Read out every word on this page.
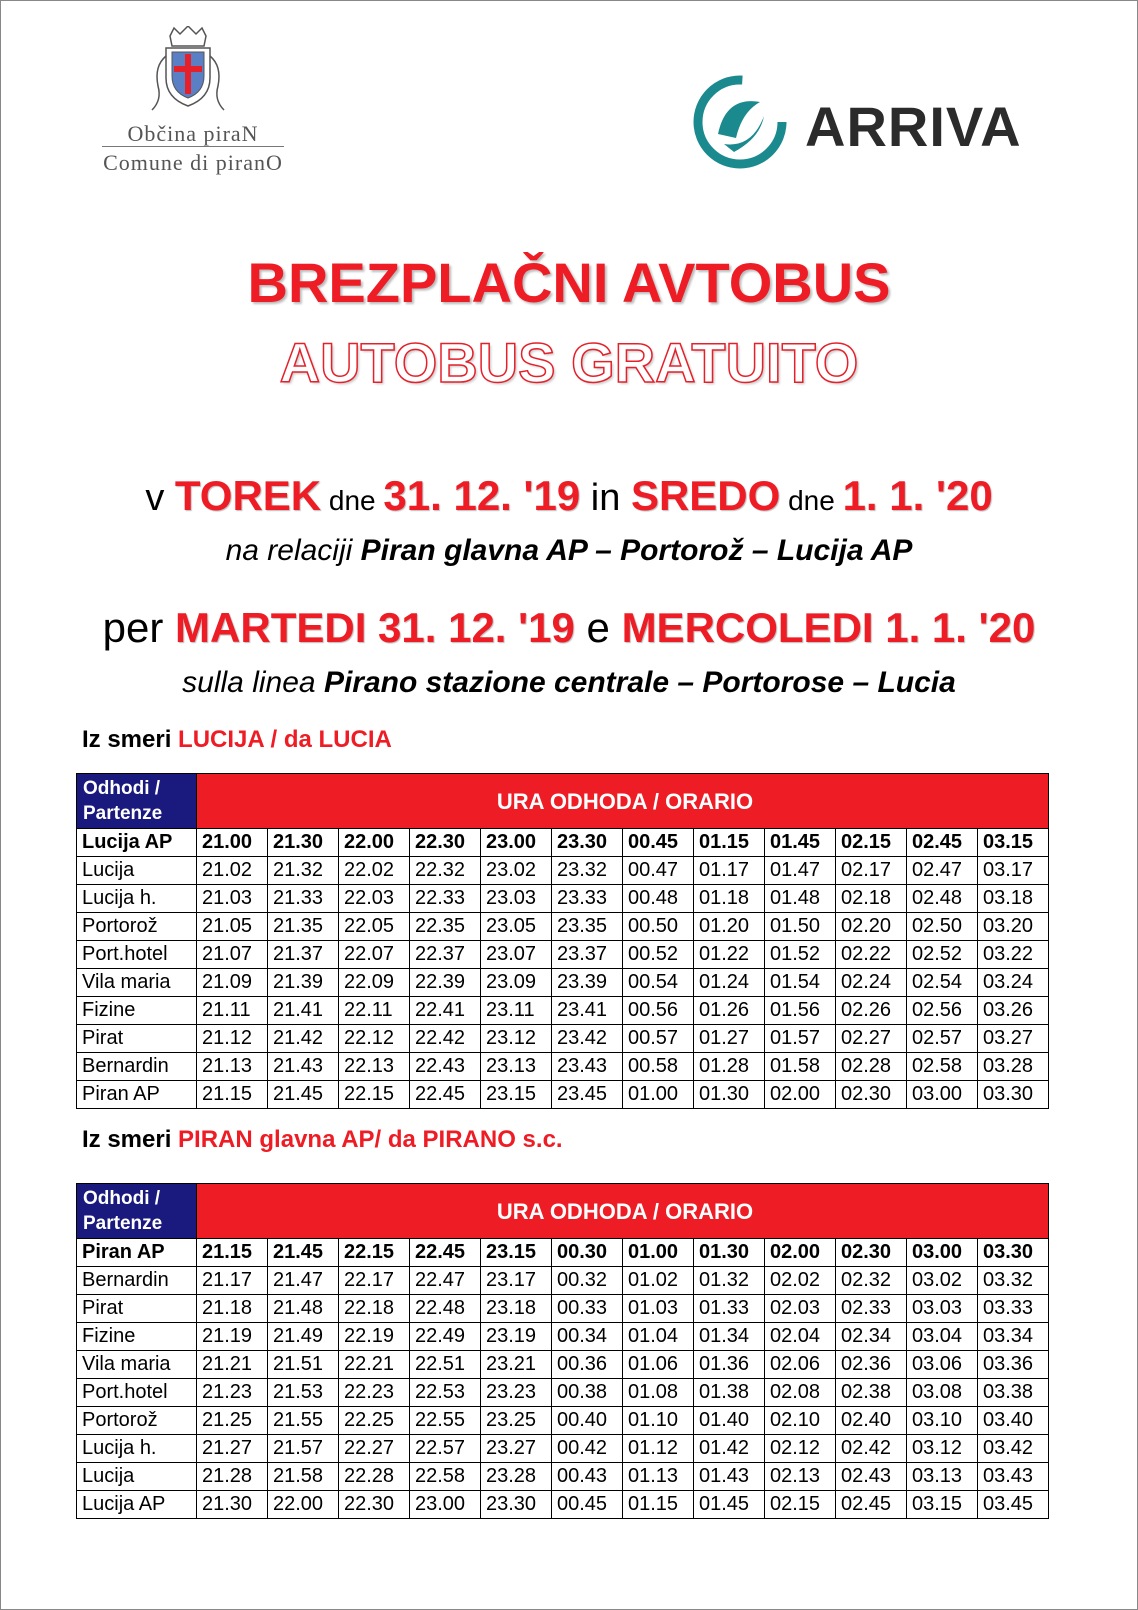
Občina piraN
Comune di piranO
ARRIVA
BREZPLAČNI AVTOBUS
AUTOBUS GRATUITO
v TOREK dne 31. 12. '19 in SREDO dne 1. 1. '20
na relaciji Piran glavna AP – Portorož – Lucija AP
per MARTEDI 31. 12. '19 e MERCOLEDI 1. 1. '20
sulla linea Pirano stazione centrale – Portorose – Lucia
Iz smeri LUCIJA / da LUCIA
Odhodi / Partenze	URA ODHODA / ORARIO											
Lucija AP	21.00	21.30	22.00	22.30	23.00	23.30	00.45	01.15	01.45	02.15	02.45	03.15
Lucija	21.02	21.32	22.02	22.32	23.02	23.32	00.47	01.17	01.47	02.17	02.47	03.17
Lucija h.	21.03	21.33	22.03	22.33	23.03	23.33	00.48	01.18	01.48	02.18	02.48	03.18
Portorož	21.05	21.35	22.05	22.35	23.05	23.35	00.50	01.20	01.50	02.20	02.50	03.20
Port.hotel	21.07	21.37	22.07	22.37	23.07	23.37	00.52	01.22	01.52	02.22	02.52	03.22
Vila maria	21.09	21.39	22.09	22.39	23.09	23.39	00.54	01.24	01.54	02.24	02.54	03.24
Fizine	21.11	21.41	22.11	22.41	23.11	23.41	00.56	01.26	01.56	02.26	02.56	03.26
Pirat	21.12	21.42	22.12	22.42	23.12	23.42	00.57	01.27	01.57	02.27	02.57	03.27
Bernardin	21.13	21.43	22.13	22.43	23.13	23.43	00.58	01.28	01.58	02.28	02.58	03.28
Piran AP	21.15	21.45	22.15	22.45	23.15	23.45	01.00	01.30	02.00	02.30	03.00	03.30
Iz smeri PIRAN glavna AP/ da PIRANO s.c.
Odhodi / Partenze	URA ODHODA / ORARIO											
Piran AP	21.15	21.45	22.15	22.45	23.15	00.30	01.00	01.30	02.00	02.30	03.00	03.30
Bernardin	21.17	21.47	22.17	22.47	23.17	00.32	01.02	01.32	02.02	02.32	03.02	03.32
Pirat	21.18	21.48	22.18	22.48	23.18	00.33	01.03	01.33	02.03	02.33	03.03	03.33
Fizine	21.19	21.49	22.19	22.49	23.19	00.34	01.04	01.34	02.04	02.34	03.04	03.34
Vila maria	21.21	21.51	22.21	22.51	23.21	00.36	01.06	01.36	02.06	02.36	03.06	03.36
Port.hotel	21.23	21.53	22.23	22.53	23.23	00.38	01.08	01.38	02.08	02.38	03.08	03.38
Portorož	21.25	21.55	22.25	22.55	23.25	00.40	01.10	01.40	02.10	02.40	03.10	03.40
Lucija h.	21.27	21.57	22.27	22.57	23.27	00.42	01.12	01.42	02.12	02.42	03.12	03.42
Lucija	21.28	21.58	22.28	22.58	23.28	00.43	01.13	01.43	02.13	02.43	03.13	03.43
Lucija AP	21.30	22.00	22.30	23.00	23.30	00.45	01.15	01.45	02.15	02.45	03.15	03.45
